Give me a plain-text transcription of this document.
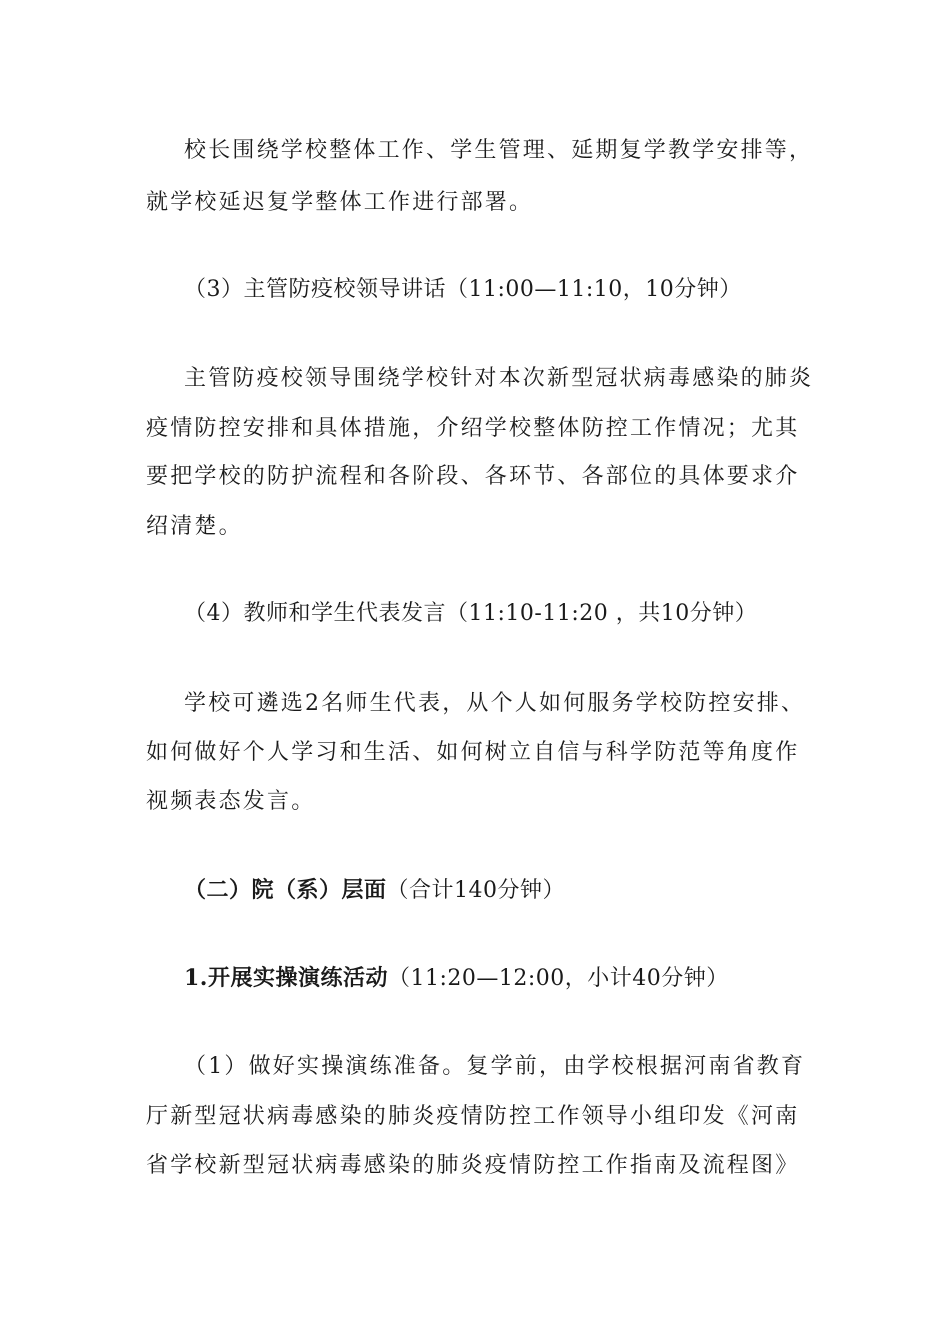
校长围绕学校整体工作、学生管理、延期复学教学安排等，
就学校延迟复学整体工作进行部署。
（3）主管防疫校领导讲话（11:00—11:10，10分钟）
主管防疫校领导围绕学校针对本次新型冠状病毒感染的肺炎
疫情防控安排和具体措施，介绍学校整体防控工作情况；尤其
要把学校的防护流程和各阶段、各环节、各部位的具体要求介
绍清楚。
（4）教师和学生代表发言（11:10-11:20 ，共10分钟）
学校可遴选2名师生代表，从个人如何服务学校防控安排、
如何做好个人学习和生活、如何树立自信与科学防范等角度作
视频表态发言。
（二）院（系）层面（合计140分钟）
1.开展实操演练活动（11:20—12:00，小计40分钟）
（1）做好实操演练准备。复学前，由学校根据河南省教育
厅新型冠状病毒感染的肺炎疫情防控工作领导小组印发《河南
省学校新型冠状病毒感染的肺炎疫情防控工作指南及流程图》
